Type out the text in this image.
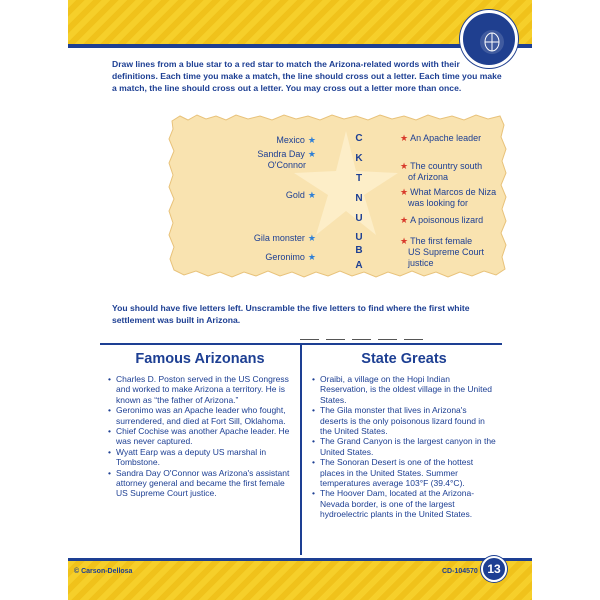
Draw lines from a blue star to a red star to match the Arizona-related words with their definitions. Each time you make a match, the line should cross out a letter. Each time you make a match, the line should cross out a letter. You may cross out a letter more than once.

Mexico ★
Sandra Day ★
O'Connor
Gold ★
Gila monster ★
Geronimo ★
C
K
T
N
U
U
B
A
★ An Apache leader
★ The country south
of Arizona
★ What Marcos de Niza
was looking for
★ A poisonous lizard
★ The first female
US Supreme Court
justice

You should have five letters left. Unscramble the five letters to find where the first white settlement was built in Arizona.

Famous Arizonans
• Charles D. Poston served in the US Congress and worked to make Arizona a territory. He is known as “the father of Arizona.”
• Geronimo was an Apache leader who fought, surrendered, and died at Fort Sill, Oklahoma.
• Chief Cochise was another Apache leader. He was never captured.
• Wyatt Earp was a deputy US marshal in Tombstone.
• Sandra Day O'Connor was Arizona's assistant attorney general and became the first female US Supreme Court justice.
State Greats
• Oraibi, a village on the Hopi Indian Reservation, is the oldest village in the United States.
• The Gila monster that lives in Arizona's deserts is the only poisonous lizard found in the United States.
• The Grand Canyon is the largest canyon in the United States.
• The Sonoran Desert is one of the hottest places in the United States. Summer temperatures average 103°F (39.4°C).
• The Hoover Dam, located at the Arizona-Nevada border, is one of the largest hydroelectric plants in the United States.
© Carson-Dellosa	CD-104570 13
